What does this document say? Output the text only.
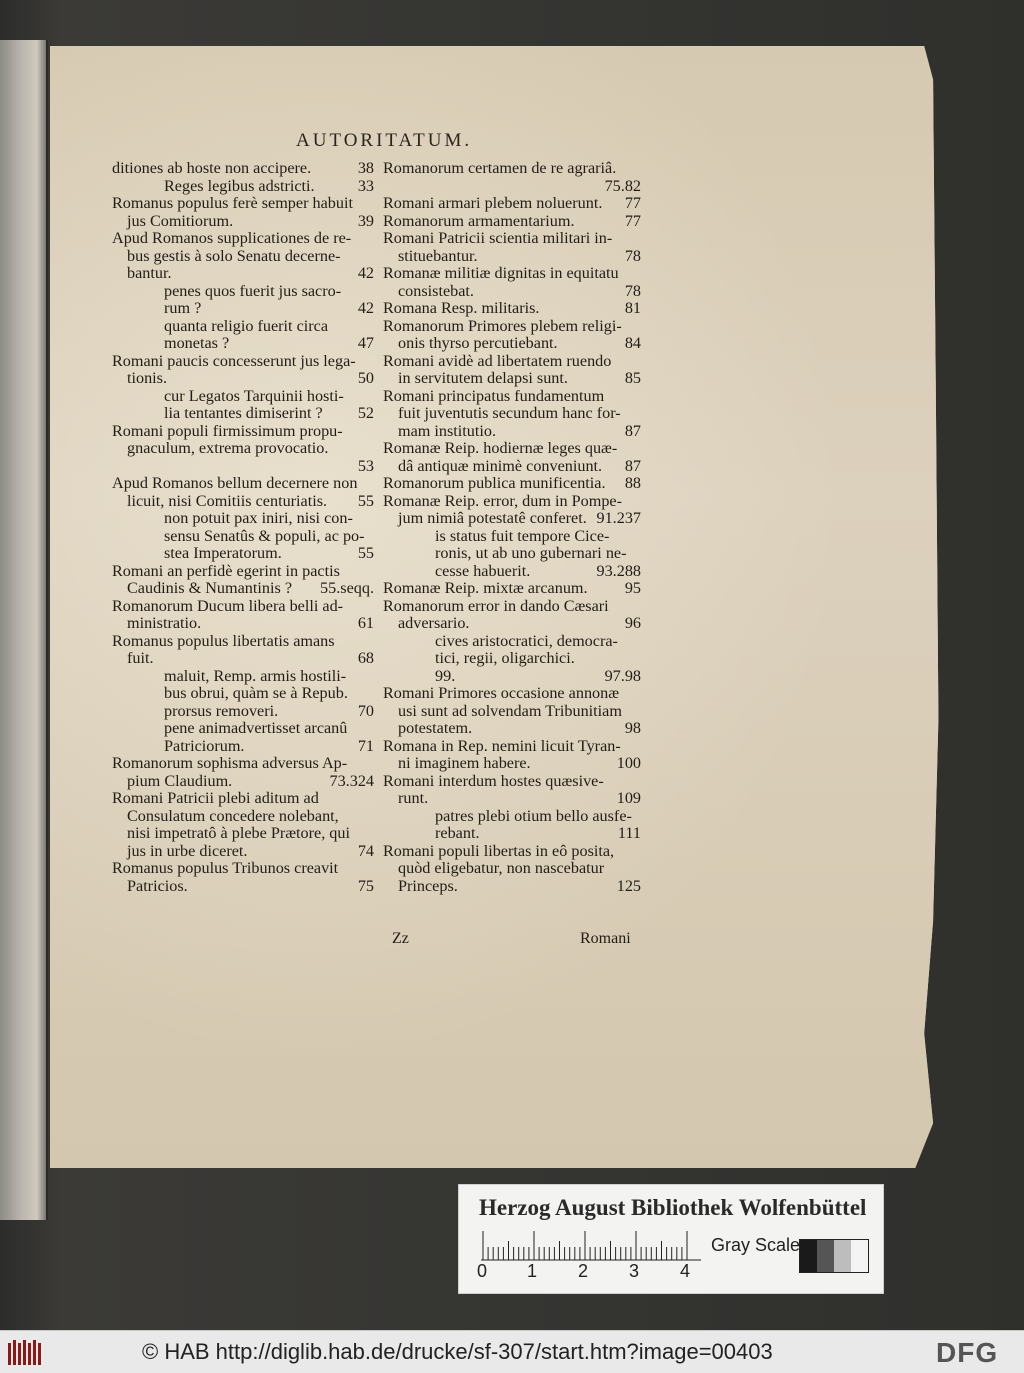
AUTORITATUM.
ditiones ab hoste non accipere.	38
Reges legibus adstricti.	33
Romanus populus ferè semper habuit
jus Comitiorum.	39
Apud Romanos supplicationes de re-
bus gestis à solo Senatu decerne-
bantur.	42
penes quos fuerit jus sacro-
rum ?	42
quanta religio fuerit circa
monetas ?	47
Romani paucis concesserunt jus lega-
tionis.	50
cur Legatos Tarquinii hosti-
lia tentantes dimiserint ?	52
Romani populi firmissimum propu-
gnaculum, extrema provocatio.
53
Apud Romanos bellum decernere non
licuit, nisi Comitiis centuriatis.	55
non potuit pax iniri, nisi con-
sensu Senatûs & populi, ac po-
stea Imperatorum.	55
Romani an perfidè egerint in pactis
Caudinis & Numantinis ?	55.seqq.
Romanorum Ducum libera belli ad-
ministratio.	61
Romanus populus libertatis amans
fuit.	68
maluit, Remp. armis hostili-
bus obrui, quàm se à Repub.
prorsus removeri.	70
pene animadvertisset arcanû
Patriciorum.	71
Romanorum sophisma adversus Ap-
pium Claudium.	73.324
Romani Patricii plebi aditum ad
Consulatum concedere nolebant,
nisi impetratô à plebe Prætore, qui
jus in urbe diceret.	74
Romanus populus Tribunos creavit
Patricios.	75
Romanorum certamen de re agrariâ.
75.82
Romani armari plebem noluerunt.	77
Romanorum armamentarium.	77
Romani Patricii scientia militari in-
stituebantur.	78
Romanæ militiæ dignitas in equitatu
consistebat.	78
Romana Resp. militaris.	81
Romanorum Primores plebem religi-
onis thyrso percutiebant.	84
Romani avidè ad libertatem ruendo
in servitutem delapsi sunt.	85
Romani principatus fundamentum
fuit juventutis secundum hanc for-
mam institutio.	87
Romanæ Reip. hodiernæ leges quæ-
dâ antiquæ minimè conveniunt.	87
Romanorum publica munificentia.	88
Romanæ Reip. error, dum in Pompe-
jum nimiâ potestatê conferet. 91.237
is status fuit tempore Cice-
ronis, ut ab uno gubernari ne-
cesse habuerit.	93.288
Romanæ Reip. mixtæ arcanum.	95
Romanorum error in dando Cæsari
adversario.	96
cives aristocratici, democra-
tici, regii, oligarchici.
99.	97.98
Romani Primores occasione annonæ
usi sunt ad solvendam Tribunitiam
potestatem.	98
Romana in Rep. nemini licuit Tyran-
ni imaginem habere.	100
Romani interdum hostes quæsive-
runt.	109
patres plebi otium bello ausfe-
rebant.	111
Romani populi libertas in eô posita,
quòd eligebatur, non nascebatur
Princeps.	125
Zz	Romani
Herzog August Bibliothek Wolfenbüttel
0 1 2 3 4
Gray Scale
© HAB http://diglib.hab.de/drucke/sf-307/start.htm?image=00403	DFG
